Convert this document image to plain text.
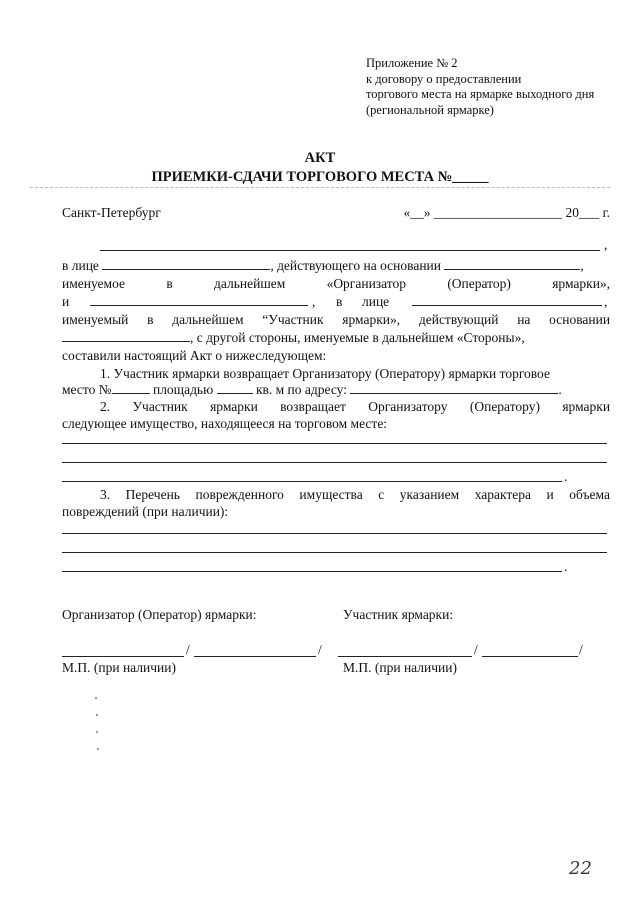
Приложение № 2
к договору о предоставлении
торгового места на ярмарке выходного дня
(региональной ярмарке)
АКТ
ПРИЕМКИ-СДАЧИ ТОРГОВОГО МЕСТА №_____
Санкт-Петербург	«__» ___________________ 20___ г.
,
в лице	, действующего на основании	,
именуемое	в	дальнейшем	«Организатор	(Оператор)	ярмарки»,
и	, в лице	,
именуемый в дальнейшем “Участник ярмарки», действующий на основании
, с другой стороны, именуемые в дальнейшем «Стороны»,
составили настоящий Акт о нижеследующем:
1. Участник ярмарки возвращает Организатору (Оператору) ярмарки торговое
место №	площадью	кв. м по адресу:	.
2. Участник ярмарки возвращает Организатору (Оператору) ярмарки
следующее имущество, находящееся на торговом месте:
.
3. Перечень поврежденного имущества с указанием характера и объема
повреждений (при наличии):
.
Организатор (Оператор) ярмарки:	Участник ярмарки:
/	/	/	/
М.П. (при наличии)	М.П. (при наличии)
22
